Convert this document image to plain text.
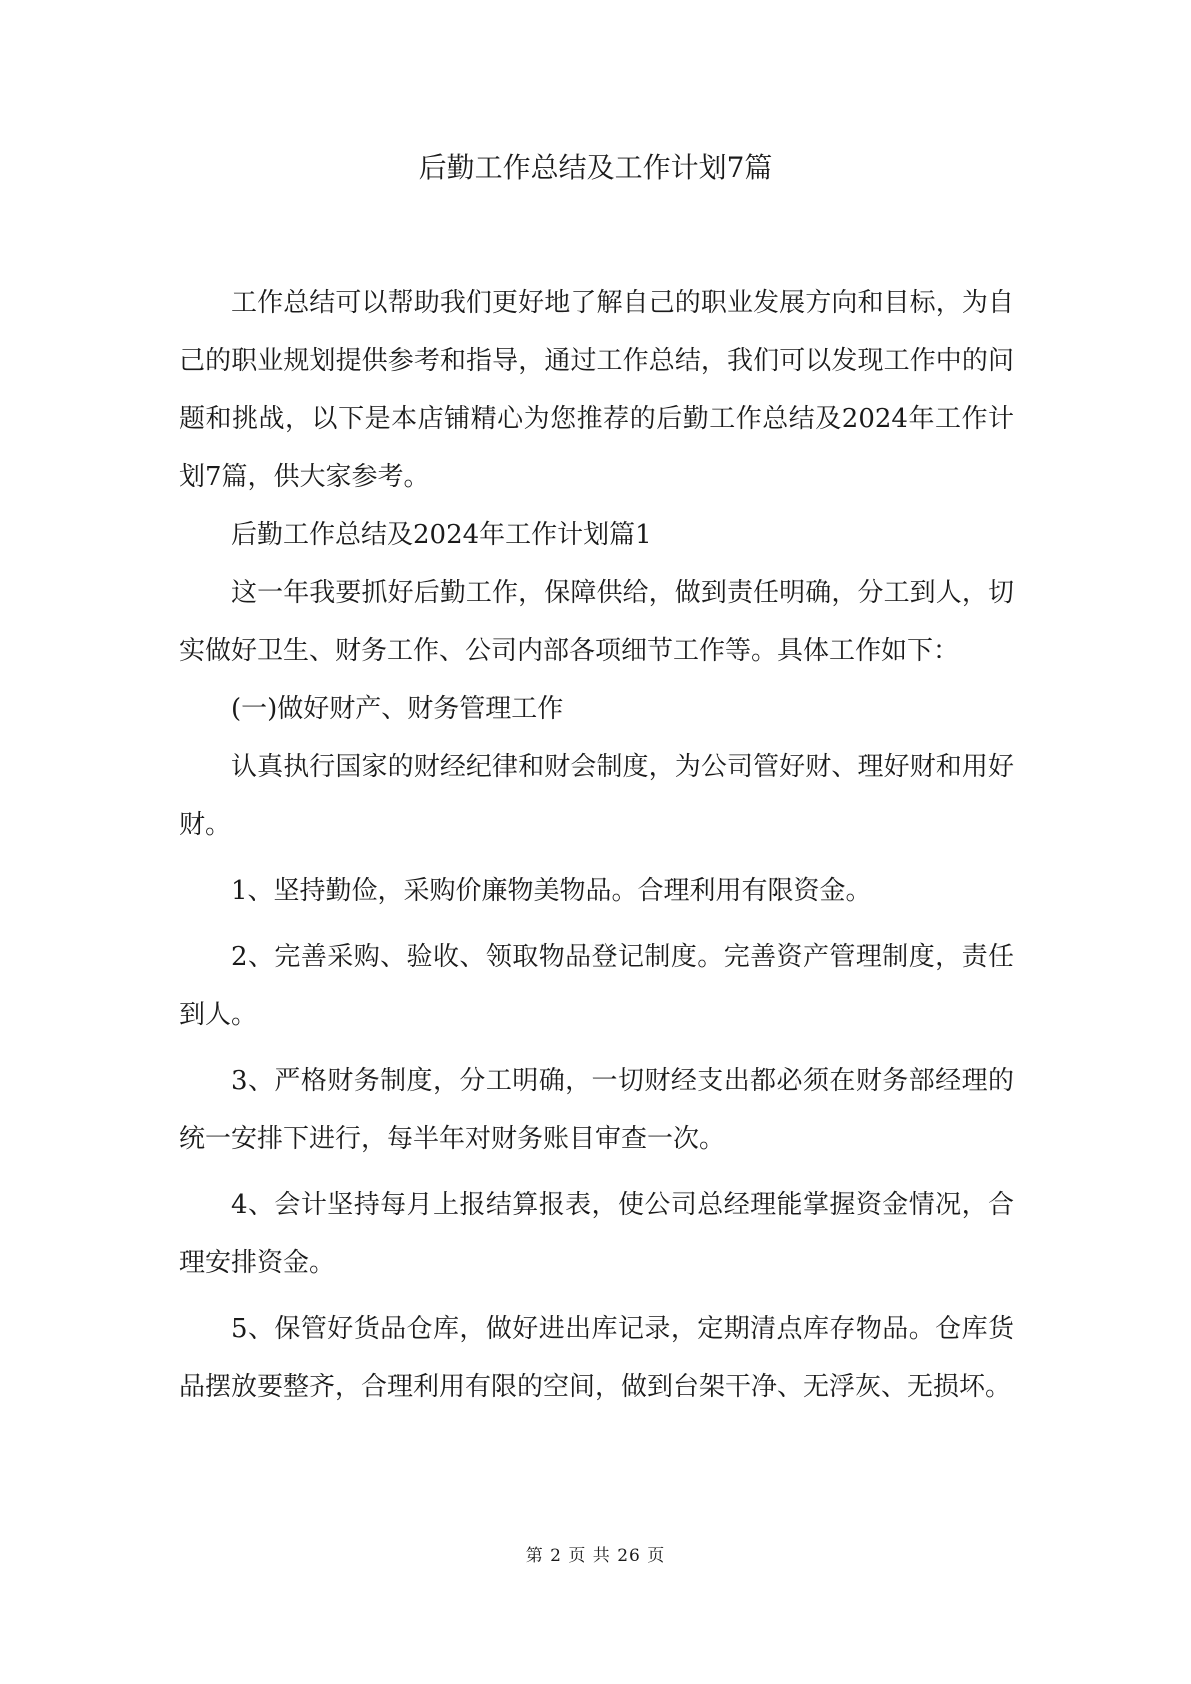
后勤工作总结及工作计划7篇

工作总结可以帮助我们更好地了解自己的职业发展方向和目标，为自己的职业规划提供参考和指导，通过工作总结，我们可以发现工作中的问题和挑战，以下是本店铺精心为您推荐的后勤工作总结及2024年工作计划7篇，供大家参考。

后勤工作总结及2024年工作计划篇1

这一年我要抓好后勤工作，保障供给，做到责任明确，分工到人，切实做好卫生、财务工作、公司内部各项细节工作等。具体工作如下：

(一)做好财产、财务管理工作

认真执行国家的财经纪律和财会制度，为公司管好财、理好财和用好财。

1、坚持勤俭，采购价廉物美物品。合理利用有限资金。

2、完善采购、验收、领取物品登记制度。完善资产管理制度，责任到人。

3、严格财务制度，分工明确，一切财经支出都必须在财务部经理的统一安排下进行，每半年对财务账目审查一次。

4、会计坚持每月上报结算报表，使公司总经理能掌握资金情况，合理安排资金。

5、保管好货品仓库，做好进出库记录，定期清点库存物品。仓库货品摆放要整齐，合理利用有限的空间，做到台架干净、无浮灰、无损坏。

第 2 页 共 26 页
